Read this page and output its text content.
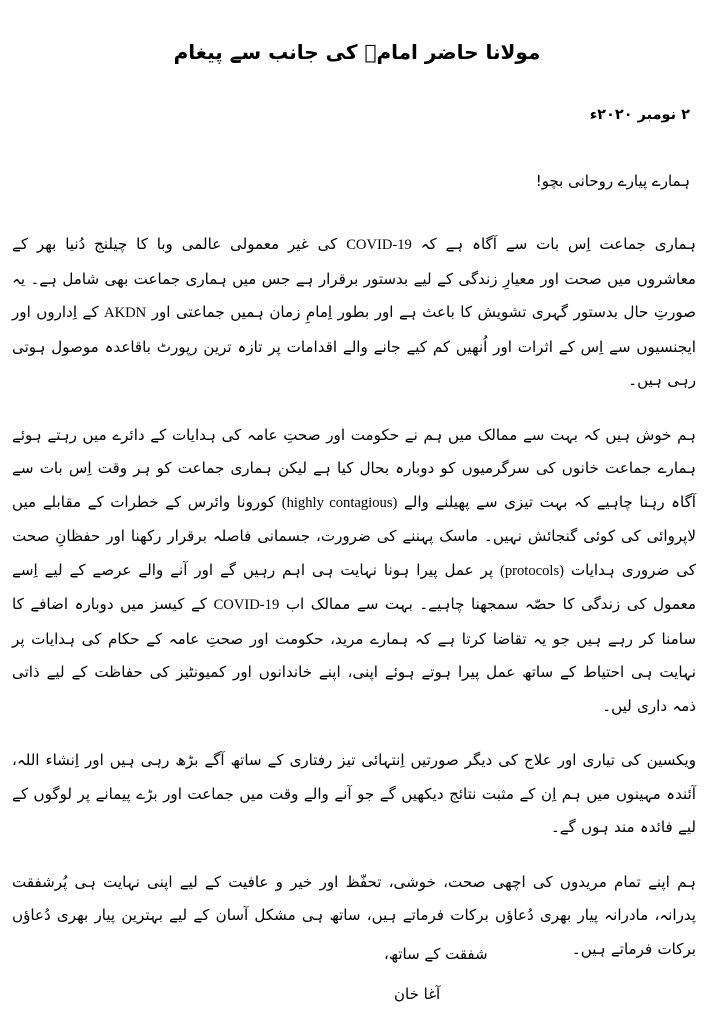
مولانا حاضر امامؑ کی جانب سے پیغام
۲ نومبر ۲۰۲۰ء
ہمارے پیارے روحانی بچو!

ہماری جماعت اِس بات سے آگاہ ہے کہ COVID-19 کی غیر معمولی عالمی وبا کا چیلنج دُنیا بھر کے معاشروں میں صحت اور معیارِ زندگی کے لیے بدستور برقرار ہے جس میں ہماری جماعت بھی شامل ہے۔ یہ صورتِ حال بدستور گہری تشویش کا باعث ہے اور بطور اِمامِ زمان ہمیں جماعتی اور AKDN کے اِداروں اور ایجنسیوں سے اِس کے اثرات اور اُنھیں کم کیے جانے والے اقدامات پر تازہ ترین رپورٹ باقاعدہ موصول ہوتی رہی ہیں۔

ہم خوش ہیں کہ بہت سے ممالک میں ہم نے حکومت اور صحتِ عامہ کی ہدایات کے دائرے میں رہتے ہوئے ہمارے جماعت خانوں کی سرگرمیوں کو دوبارہ بحال کیا ہے لیکن ہماری جماعت کو ہر وقت اِس بات سے آگاہ رہنا چاہیے کہ بہت تیزی سے پھیلنے والے (highly contagious) کورونا وائرس کے خطرات کے مقابلے میں لاپروائی کی کوئی گنجائش نہیں۔ ماسک پہننے کی ضرورت، جسمانی فاصلہ برقرار رکھنا اور حفظانِ صحت کی ضروری ہدایات (protocols) پر عمل پیرا ہونا نہایت ہی اہم رہیں گے اور آنے والے عرصے کے لیے اِسے معمول کی زندگی کا حصّہ سمجھنا چاہیے۔ بہت سے ممالک اب COVID-19 کے کیسز میں دوبارہ اضافے کا سامنا کر رہے ہیں جو یہ تقاضا کرتا ہے کہ ہمارے مرید، حکومت اور صحتِ عامہ کے حکام کی ہدایات پر نہایت ہی احتیاط کے ساتھ عمل پیرا ہوتے ہوئے اپنی، اپنے خاندانوں اور کمیونٹیز کی حفاظت کے لیے ذاتی ذمہ داری لیں۔

ویکسین کی تیاری اور علاج کی دیگر صورتیں اِنتہائی تیز رفتاری کے ساتھ آگے بڑھ رہی ہیں اور اِنشاء اللہ، آئندہ مہینوں میں ہم اِن کے مثبت نتائج دیکھیں گے جو آنے والے وقت میں جماعت اور بڑے پیمانے پر لوگوں کے لیے فائدہ مند ہوں گے۔

ہم اپنے تمام مریدوں کی اچھی صحت، خوشی، تحفّظ اور خیر و عافیت کے لیے اپنی نہایت ہی پُرشفقت پدرانہ، مادرانہ پیار بھری دُعاؤں برکات فرماتے ہیں، ساتھ ہی مشکل آسان کے لیے بہترین پیار بھری دُعاؤں برکات فرماتے ہیں۔

شفقت کے ساتھ،
آغا خان
